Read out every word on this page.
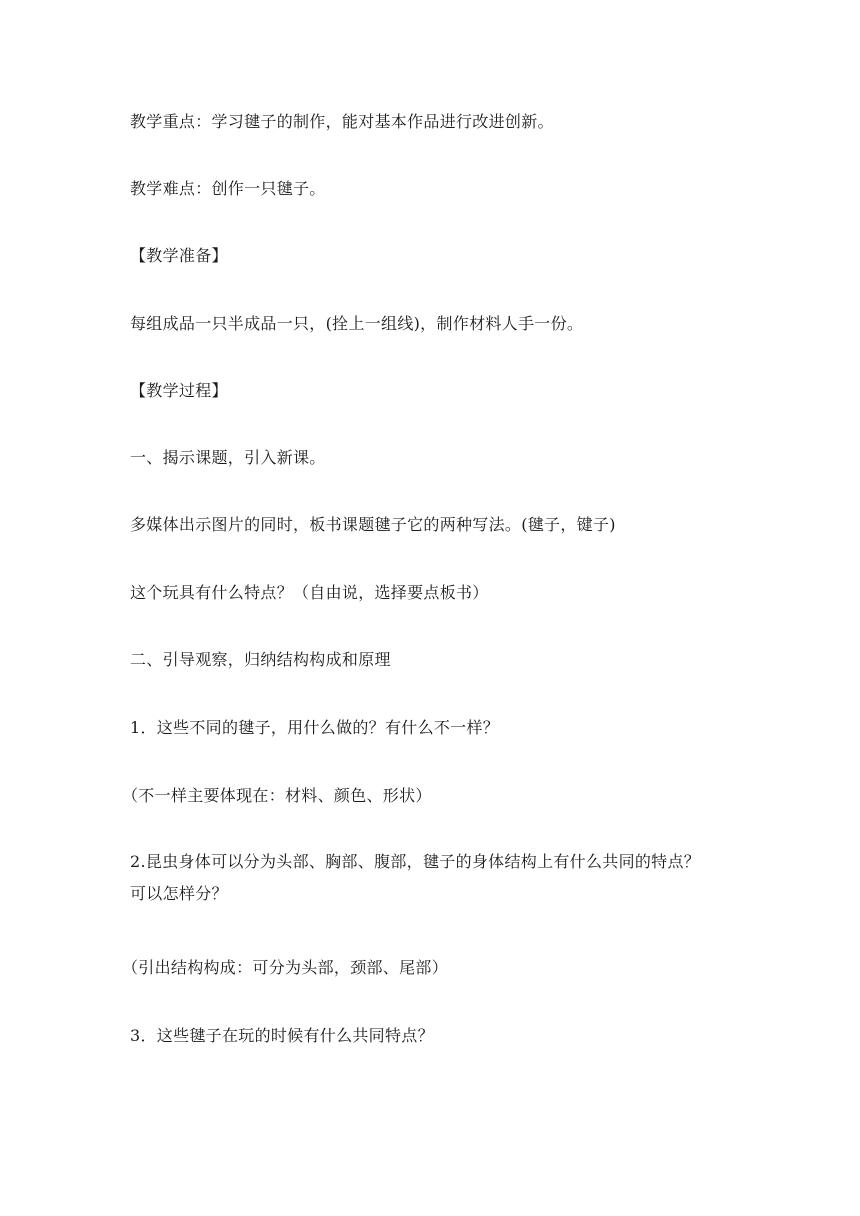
教学重点：学习毽子的制作，能对基本作品进行改进创新。
教学难点：创作一只毽子。
【教学准备】
每组成品一只半成品一只，(拴上一组线)，制作材料人手一份。
【教学过程】
一、揭示课题，引入新课。
多媒体出示图片的同时，板书课题毽子它的两种写法。(毽子，键子)
这个玩具有什么特点？（自由说，选择要点板书）
二、引导观察，归纳结构构成和原理
1．这些不同的毽子，用什么做的？有什么不一样？
（不一样主要体现在：材料、颜色、形状）
2.昆虫身体可以分为头部、胸部、腹部，毽子的身体结构上有什么共同的特点？
可以怎样分？
（引出结构构成：可分为头部，颈部、尾部）
3．这些毽子在玩的时候有什么共同特点？
